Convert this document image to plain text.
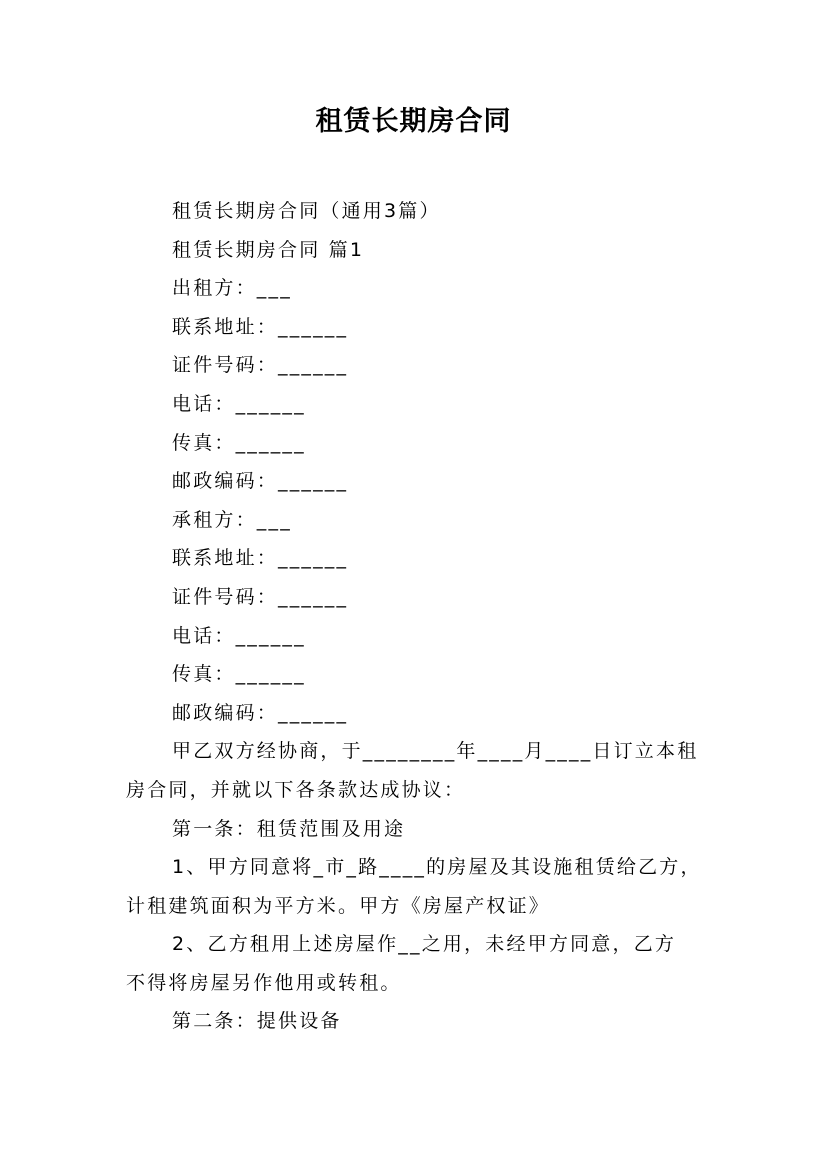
租赁长期房合同

租赁长期房合同（通用3篇）

租赁长期房合同 篇1

出租方：___

联系地址：______

证件号码：______

电话：______

传真：______

邮政编码：______

承租方：___

联系地址：______

证件号码：______

电话：______

传真：______

邮政编码：______

甲乙双方经协商，于________年____月____日订立本租
房合同，并就以下各条款达成协议：

第一条：租赁范围及用途

1、甲方同意将_市_路____的房屋及其设施租赁给乙方，
计租建筑面积为平方米。甲方《房屋产权证》

2、乙方租用上述房屋作__之用，未经甲方同意，乙方
不得将房屋另作他用或转租。

第二条：提供设备
